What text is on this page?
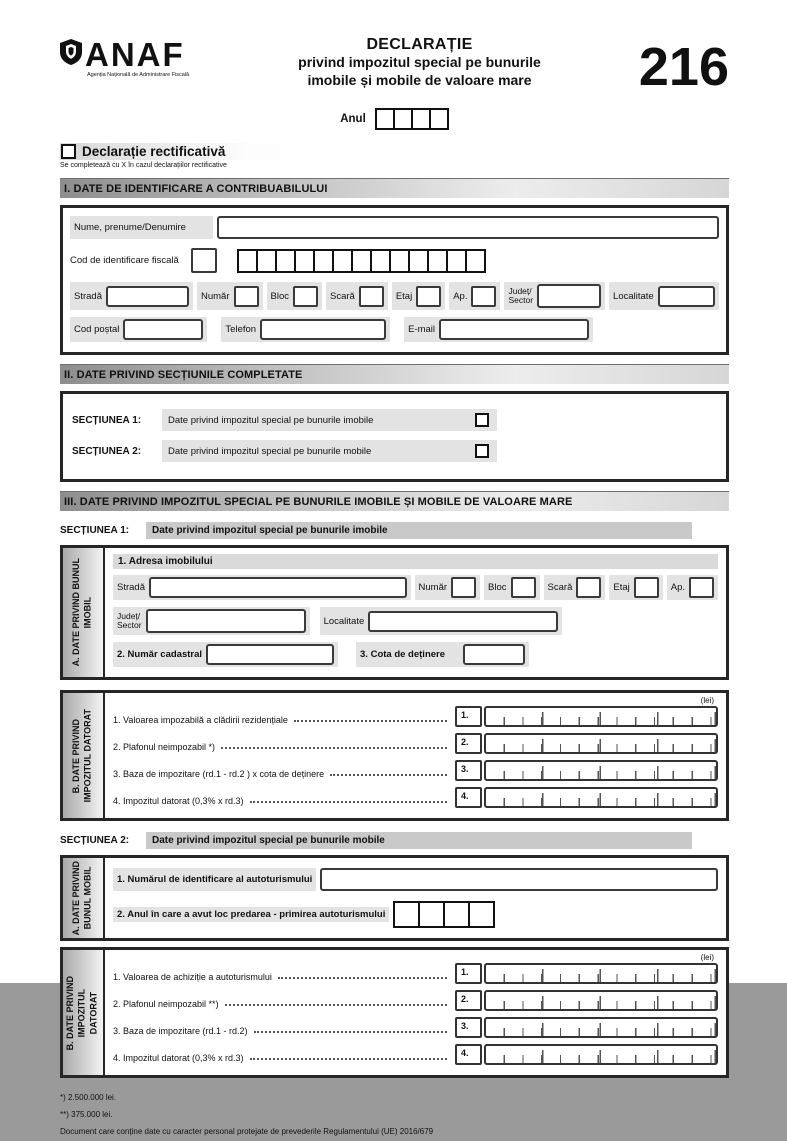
ANAF
Agenția Națională de Administrare Fiscală
DECLARAȚIE
privind impozitul special pe bunurile
imobile și mobile de valoare mare	216
Anul
Declarație rectificativă
Se completează cu X în cazul declarațiilor rectificative
I. DATE DE IDENTIFICARE A CONTRIBUABILULUI
Nume, prenume/Denumire
Cod de identificare fiscală
Stradă	Număr	Bloc	Scară	Etaj	Ap.	Județ/
Sector	Localitate
Cod poștal	Telefon	E-mail
II. DATE PRIVIND SECȚIUNILE COMPLETATE
SECȚIUNEA 1:	Date privind impozitul special pe bunurile imobile
SECȚIUNEA 2:	Date privind impozitul special pe bunurile mobile
III. DATE PRIVIND IMPOZITUL SPECIAL PE BUNURILE IMOBILE ȘI MOBILE DE VALOARE MARE
SECȚIUNEA 1:	Date privind impozitul special pe bunurile imobile
A. DATE PRIVIND BUNUL IMOBIL
1. Adresa imobilului
Stradă	Număr	Bloc	Scară	Etaj	Ap.
Județ/
Sector	Localitate
2. Număr cadastral	3. Cota de deținere
B. DATE PRIVIND IMPOZITUL DATORAT
(lei)
1. Valoarea impozabilă a clădirii rezidențiale	1.
2. Plafonul neimpozabil *)	2.
3. Baza de impozitare (rd.1 - rd.2 ) x cota de deținere	3.
4. Impozitul datorat (0,3% x rd.3)	4.
SECȚIUNEA 2:	Date privind impozitul special pe bunurile mobile
A. DATE PRIVIND BUNUL MOBIL	1. Numărul de identificare al autoturismului
2. Anul în care a avut loc predarea - primirea autoturismului
B. DATE PRIVIND IMPOZITUL DATORAT
(lei)
1. Valoarea de achiziție a autoturismului	1.
2. Plafonul neimpozabil **)	2.
3. Baza de impozitare (rd.1 - rd.2)	3.
4. Impozitul datorat (0,3% x rd.3)	4.
*) 2.500.000 lei.
**) 375.000 lei.
Document care conține date cu caracter personal protejate de prevederile Regulamentului (UE) 2016/679
